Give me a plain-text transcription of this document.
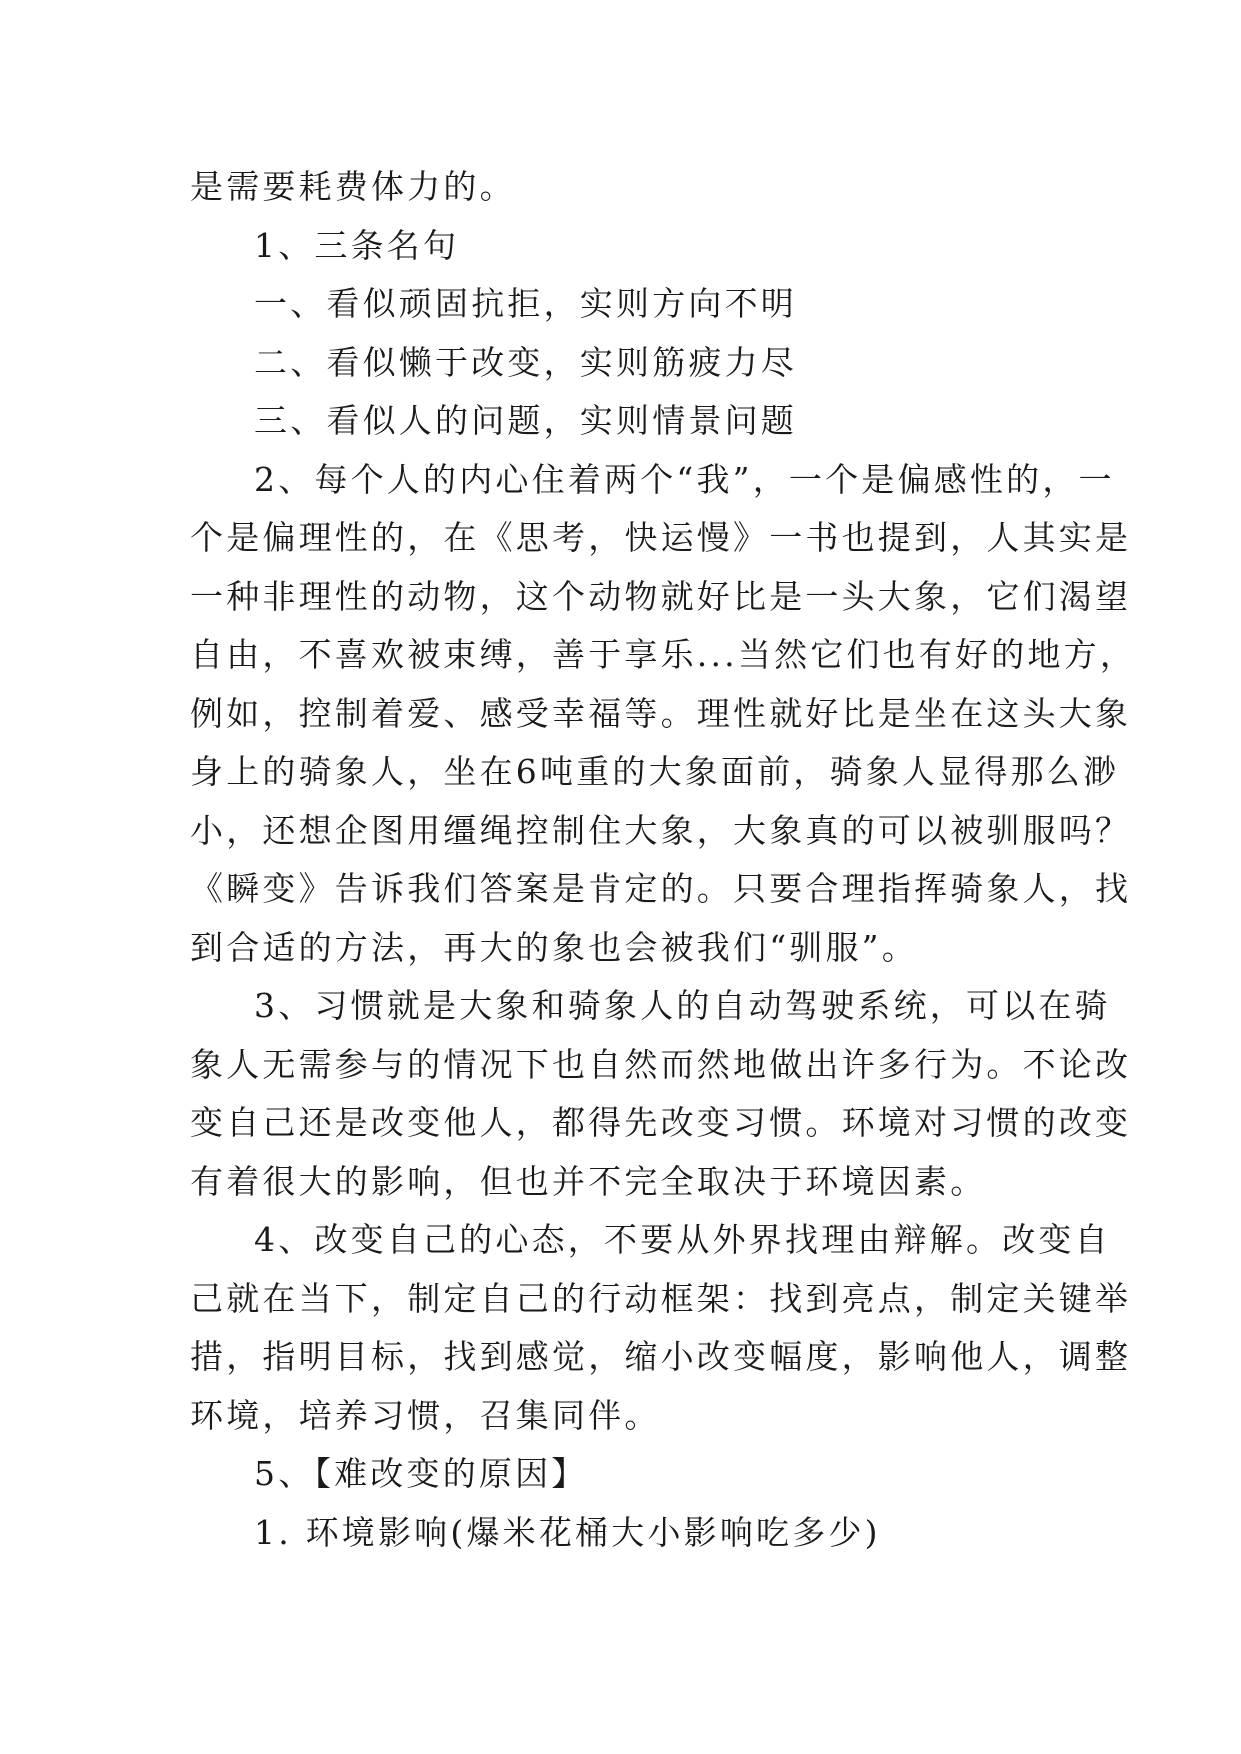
是需要耗费体力的。
1、三条名句
一、看似顽固抗拒，实则方向不明
二、看似懒于改变，实则筋疲力尽
三、看似人的问题，实则情景问题
2、每个人的内心住着两个“我”，一个是偏感性的，一
个是偏理性的，在《思考，快运慢》一书也提到，人其实是
一种非理性的动物，这个动物就好比是一头大象，它们渴望
自由，不喜欢被束缚，善于享乐...当然它们也有好的地方，
例如，控制着爱、感受幸福等。理性就好比是坐在这头大象
身上的骑象人，坐在6吨重的大象面前，骑象人显得那么渺
小，还想企图用缰绳控制住大象，大象真的可以被驯服吗？
《瞬变》告诉我们答案是肯定的。只要合理指挥骑象人，找
到合适的方法，再大的象也会被我们“驯服”。
3、习惯就是大象和骑象人的自动驾驶系统，可以在骑
象人无需参与的情况下也自然而然地做出许多行为。不论改
变自己还是改变他人，都得先改变习惯。环境对习惯的改变
有着很大的影响，但也并不完全取决于环境因素。
4、改变自己的心态，不要从外界找理由辩解。改变自
己就在当下，制定自己的行动框架：找到亮点，制定关键举
措，指明目标，找到感觉，缩小改变幅度，影响他人，调整
环境，培养习惯，召集同伴。
5、【难改变的原因】
1. 环境影响(爆米花桶大小影响吃多少)
